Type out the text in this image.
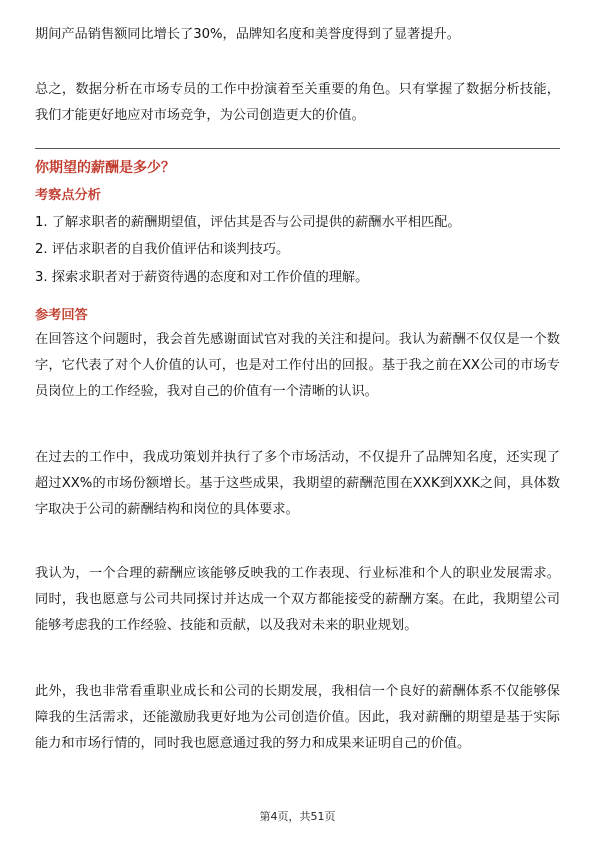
期间产品销售额同比增长了30%，品牌知名度和美誉度得到了显著提升。

总之，数据分析在市场专员的工作中扮演着至关重要的角色。只有掌握了数据分析技能，我们才能更好地应对市场竞争，为公司创造更大的价值。

你期望的薪酬是多少？

考察点分析

1. 了解求职者的薪酬期望值，评估其是否与公司提供的薪酬水平相匹配。

2. 评估求职者的自我价值评估和谈判技巧。

3. 探索求职者对于薪资待遇的态度和对工作价值的理解。

参考回答

在回答这个问题时，我会首先感谢面试官对我的关注和提问。我认为薪酬不仅仅是一个数字，它代表了对个人价值的认可，也是对工作付出的回报。基于我之前在XX公司的市场专员岗位上的工作经验，我对自己的价值有一个清晰的认识。

在过去的工作中，我成功策划并执行了多个市场活动，不仅提升了品牌知名度，还实现了超过XX%的市场份额增长。基于这些成果，我期望的薪酬范围在XXK到XXK之间，具体数字取决于公司的薪酬结构和岗位的具体要求。

我认为，一个合理的薪酬应该能够反映我的工作表现、行业标准和个人的职业发展需求。同时，我也愿意与公司共同探讨并达成一个双方都能接受的薪酬方案。在此，我期望公司能够考虑我的工作经验、技能和贡献，以及我对未来的职业规划。

此外，我也非常看重职业成长和公司的长期发展，我相信一个良好的薪酬体系不仅能够保障我的生活需求，还能激励我更好地为公司创造价值。因此，我对薪酬的期望是基于实际能力和市场行情的，同时我也愿意通过我的努力和成果来证明自己的价值。

第4页，共51页
